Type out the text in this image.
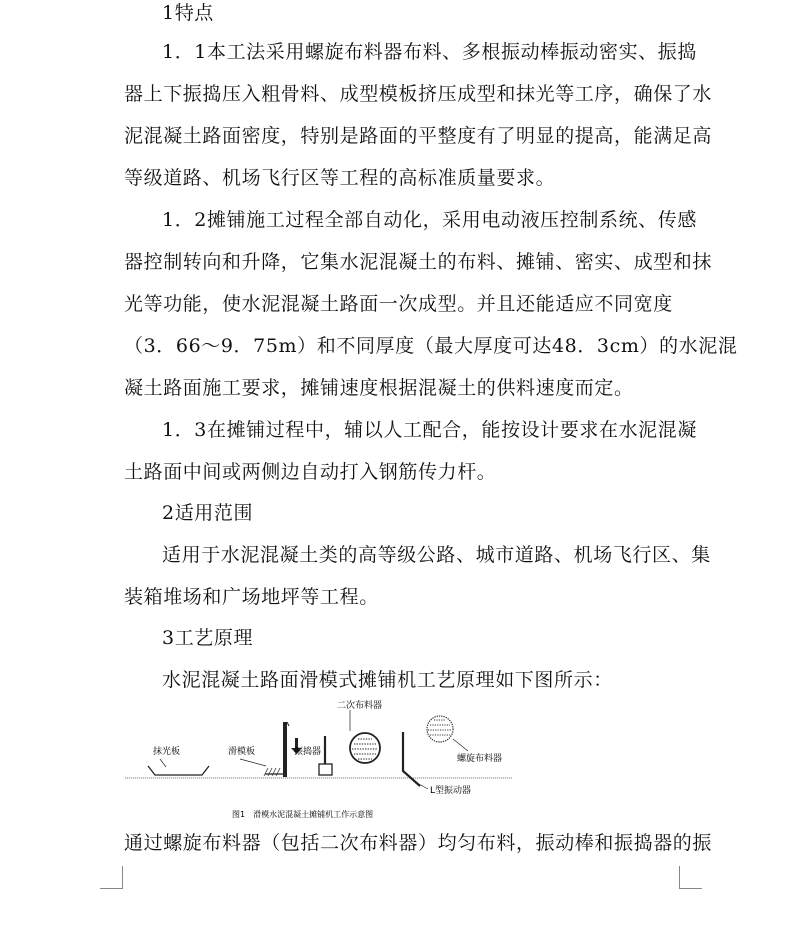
1特点

1．1本工法采用螺旋布料器布料、多根振动棒振动密实、振捣

器上下振捣压入粗骨料、成型模板挤压成型和抹光等工序，确保了水

泥混凝土路面密度，特别是路面的平整度有了明显的提高，能满足高

等级道路、机场飞行区等工程的高标准质量要求。

1．2摊铺施工过程全部自动化，采用电动液压控制系统、传感

器控制转向和升降，它集水泥混凝土的布料、摊铺、密实、成型和抹

光等功能，使水泥混凝土路面一次成型。并且还能适应不同宽度

（3．66～9．75m）和不同厚度（最大厚度可达48．3cm）的水泥混

凝土路面施工要求，摊铺速度根据混凝土的供料速度而定。

1．3在摊铺过程中，辅以人工配合，能按设计要求在水泥混凝

土路面中间或两侧边自动打入钢筋传力杆。

2适用范围

适用于水泥混凝土类的高等级公路、城市道路、机场飞行区、集

装箱堆场和广场地坪等工程。

3工艺原理

水泥混凝土路面滑模式摊铺机工艺原理如下图所示：

抹光板	滑模板	振捣器
二次布料器
L型振动器
螺旋布料器
图1　滑模水泥混凝土摊铺机工作示意图

通过螺旋布料器（包括二次布料器）均匀布料，振动棒和振捣器的振
